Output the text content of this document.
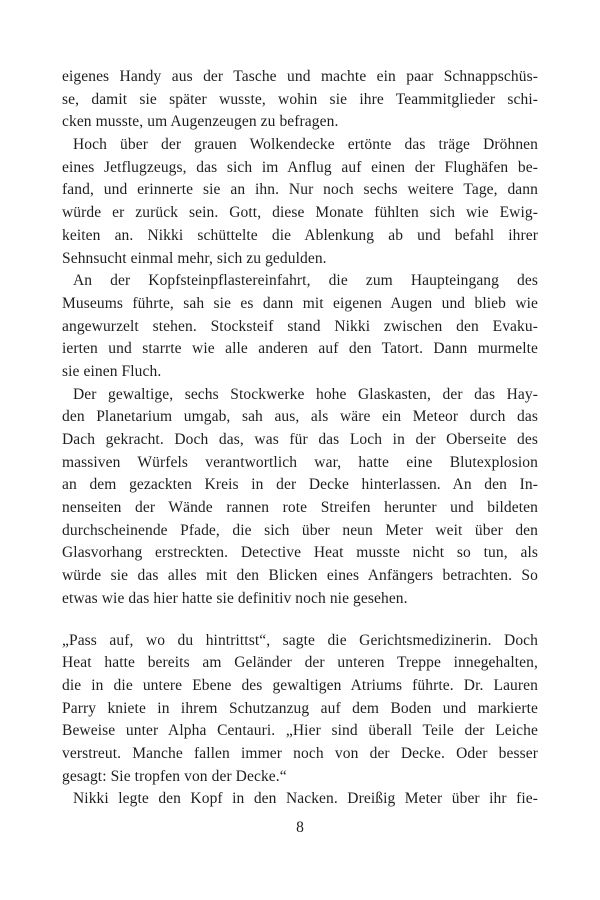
eigenes Handy aus der Tasche und machte ein paar Schnappschüs-
se, damit sie später wusste, wohin sie ihre Teammitglieder schi-
cken musste, um Augenzeugen zu befragen.
Hoch über der grauen Wolkendecke ertönte das träge Dröhnen
eines Jetflugzeugs, das sich im Anflug auf einen der Flughäfen be-
fand, und erinnerte sie an ihn. Nur noch sechs weitere Tage, dann
würde er zurück sein. Gott, diese Monate fühlten sich wie Ewig-
keiten an. Nikki schüttelte die Ablenkung ab und befahl ihrer
Sehnsucht einmal mehr, sich zu gedulden.
An der Kopfsteinpflastereinfahrt, die zum Haupteingang des
Museums führte, sah sie es dann mit eigenen Augen und blieb wie
angewurzelt stehen. Stocksteif stand Nikki zwischen den Evaku-
ierten und starrte wie alle anderen auf den Tatort. Dann murmelte
sie einen Fluch.
Der gewaltige, sechs Stockwerke hohe Glaskasten, der das Hay-
den Planetarium umgab, sah aus, als wäre ein Meteor durch das
Dach gekracht. Doch das, was für das Loch in der Oberseite des
massiven Würfels verantwortlich war, hatte eine Blutexplosion
an dem gezackten Kreis in der Decke hinterlassen. An den In-
nenseiten der Wände rannen rote Streifen herunter und bildeten
durchscheinende Pfade, die sich über neun Meter weit über den
Glasvorhang erstreckten. Detective Heat musste nicht so tun, als
würde sie das alles mit den Blicken eines Anfängers betrachten. So
etwas wie das hier hatte sie definitiv noch nie gesehen.
„Pass auf, wo du hintrittst“, sagte die Gerichtsmedizinerin. Doch
Heat hatte bereits am Geländer der unteren Treppe innegehalten,
die in die untere Ebene des gewaltigen Atriums führte. Dr. Lauren
Parry kniete in ihrem Schutzanzug auf dem Boden und markierte
Beweise unter Alpha Centauri. „Hier sind überall Teile der Leiche
verstreut. Manche fallen immer noch von der Decke. Oder besser
gesagt: Sie tropfen von der Decke.“
Nikki legte den Kopf in den Nacken. Dreißig Meter über ihr fie-
8
